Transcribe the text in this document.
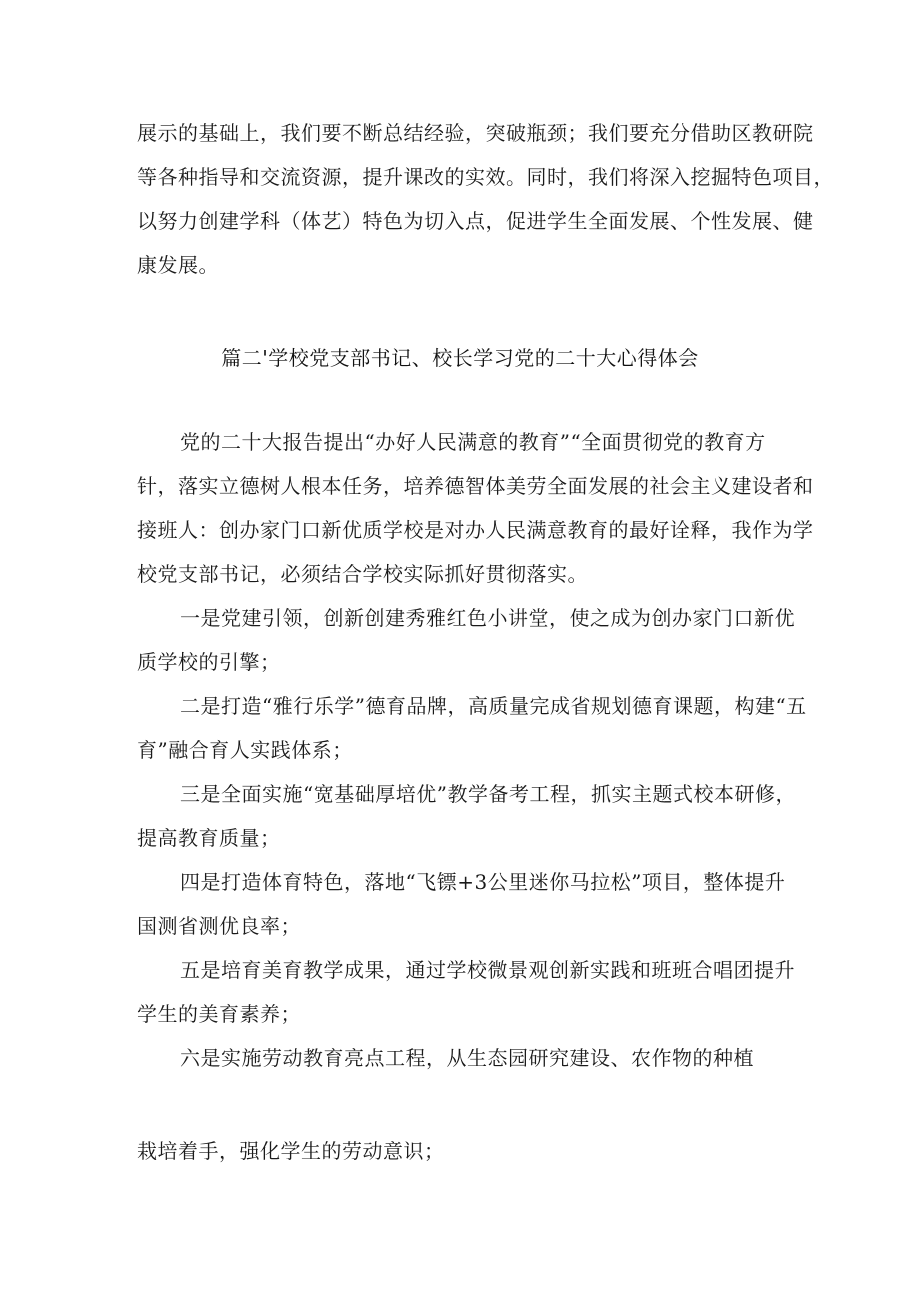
展示的基础上，我们要不断总结经验，突破瓶颈；我们要充分借助区教研院
等各种指导和交流资源，提升课改的实效。同时，我们将深入挖掘特色项目，
以努力创建学科（体艺）特色为切入点，促进学生全面发展、个性发展、健
康发展。
篇二'学校党支部书记、校长学习党的二十大心得体会
党的二十大报告提出“办好人民满意的教育”“全面贯彻党的教育方
针，落实立德树人根本任务，培养德智体美劳全面发展的社会主义建设者和
接班人：创办家门口新优质学校是对办人民满意教育的最好诠释，我作为学
校党支部书记，必须结合学校实际抓好贯彻落实。
一是党建引领，创新创建秀雅红色小讲堂，使之成为创办家门口新优
质学校的引擎；
二是打造“雅行乐学”德育品牌，高质量完成省规划德育课题，构建“五
育”融合育人实践体系；
三是全面实施“宽基础厚培优”教学备考工程，抓实主题式校本研修，
提高教育质量；
四是打造体育特色，落地“飞镖+3公里迷你马拉松”项目，整体提升
国测省测优良率；
五是培育美育教学成果，通过学校微景观创新实践和班班合唱团提升
学生的美育素养；
六是实施劳动教育亮点工程，从生态园研究建设、农作物的种植
栽培着手，强化学生的劳动意识；
